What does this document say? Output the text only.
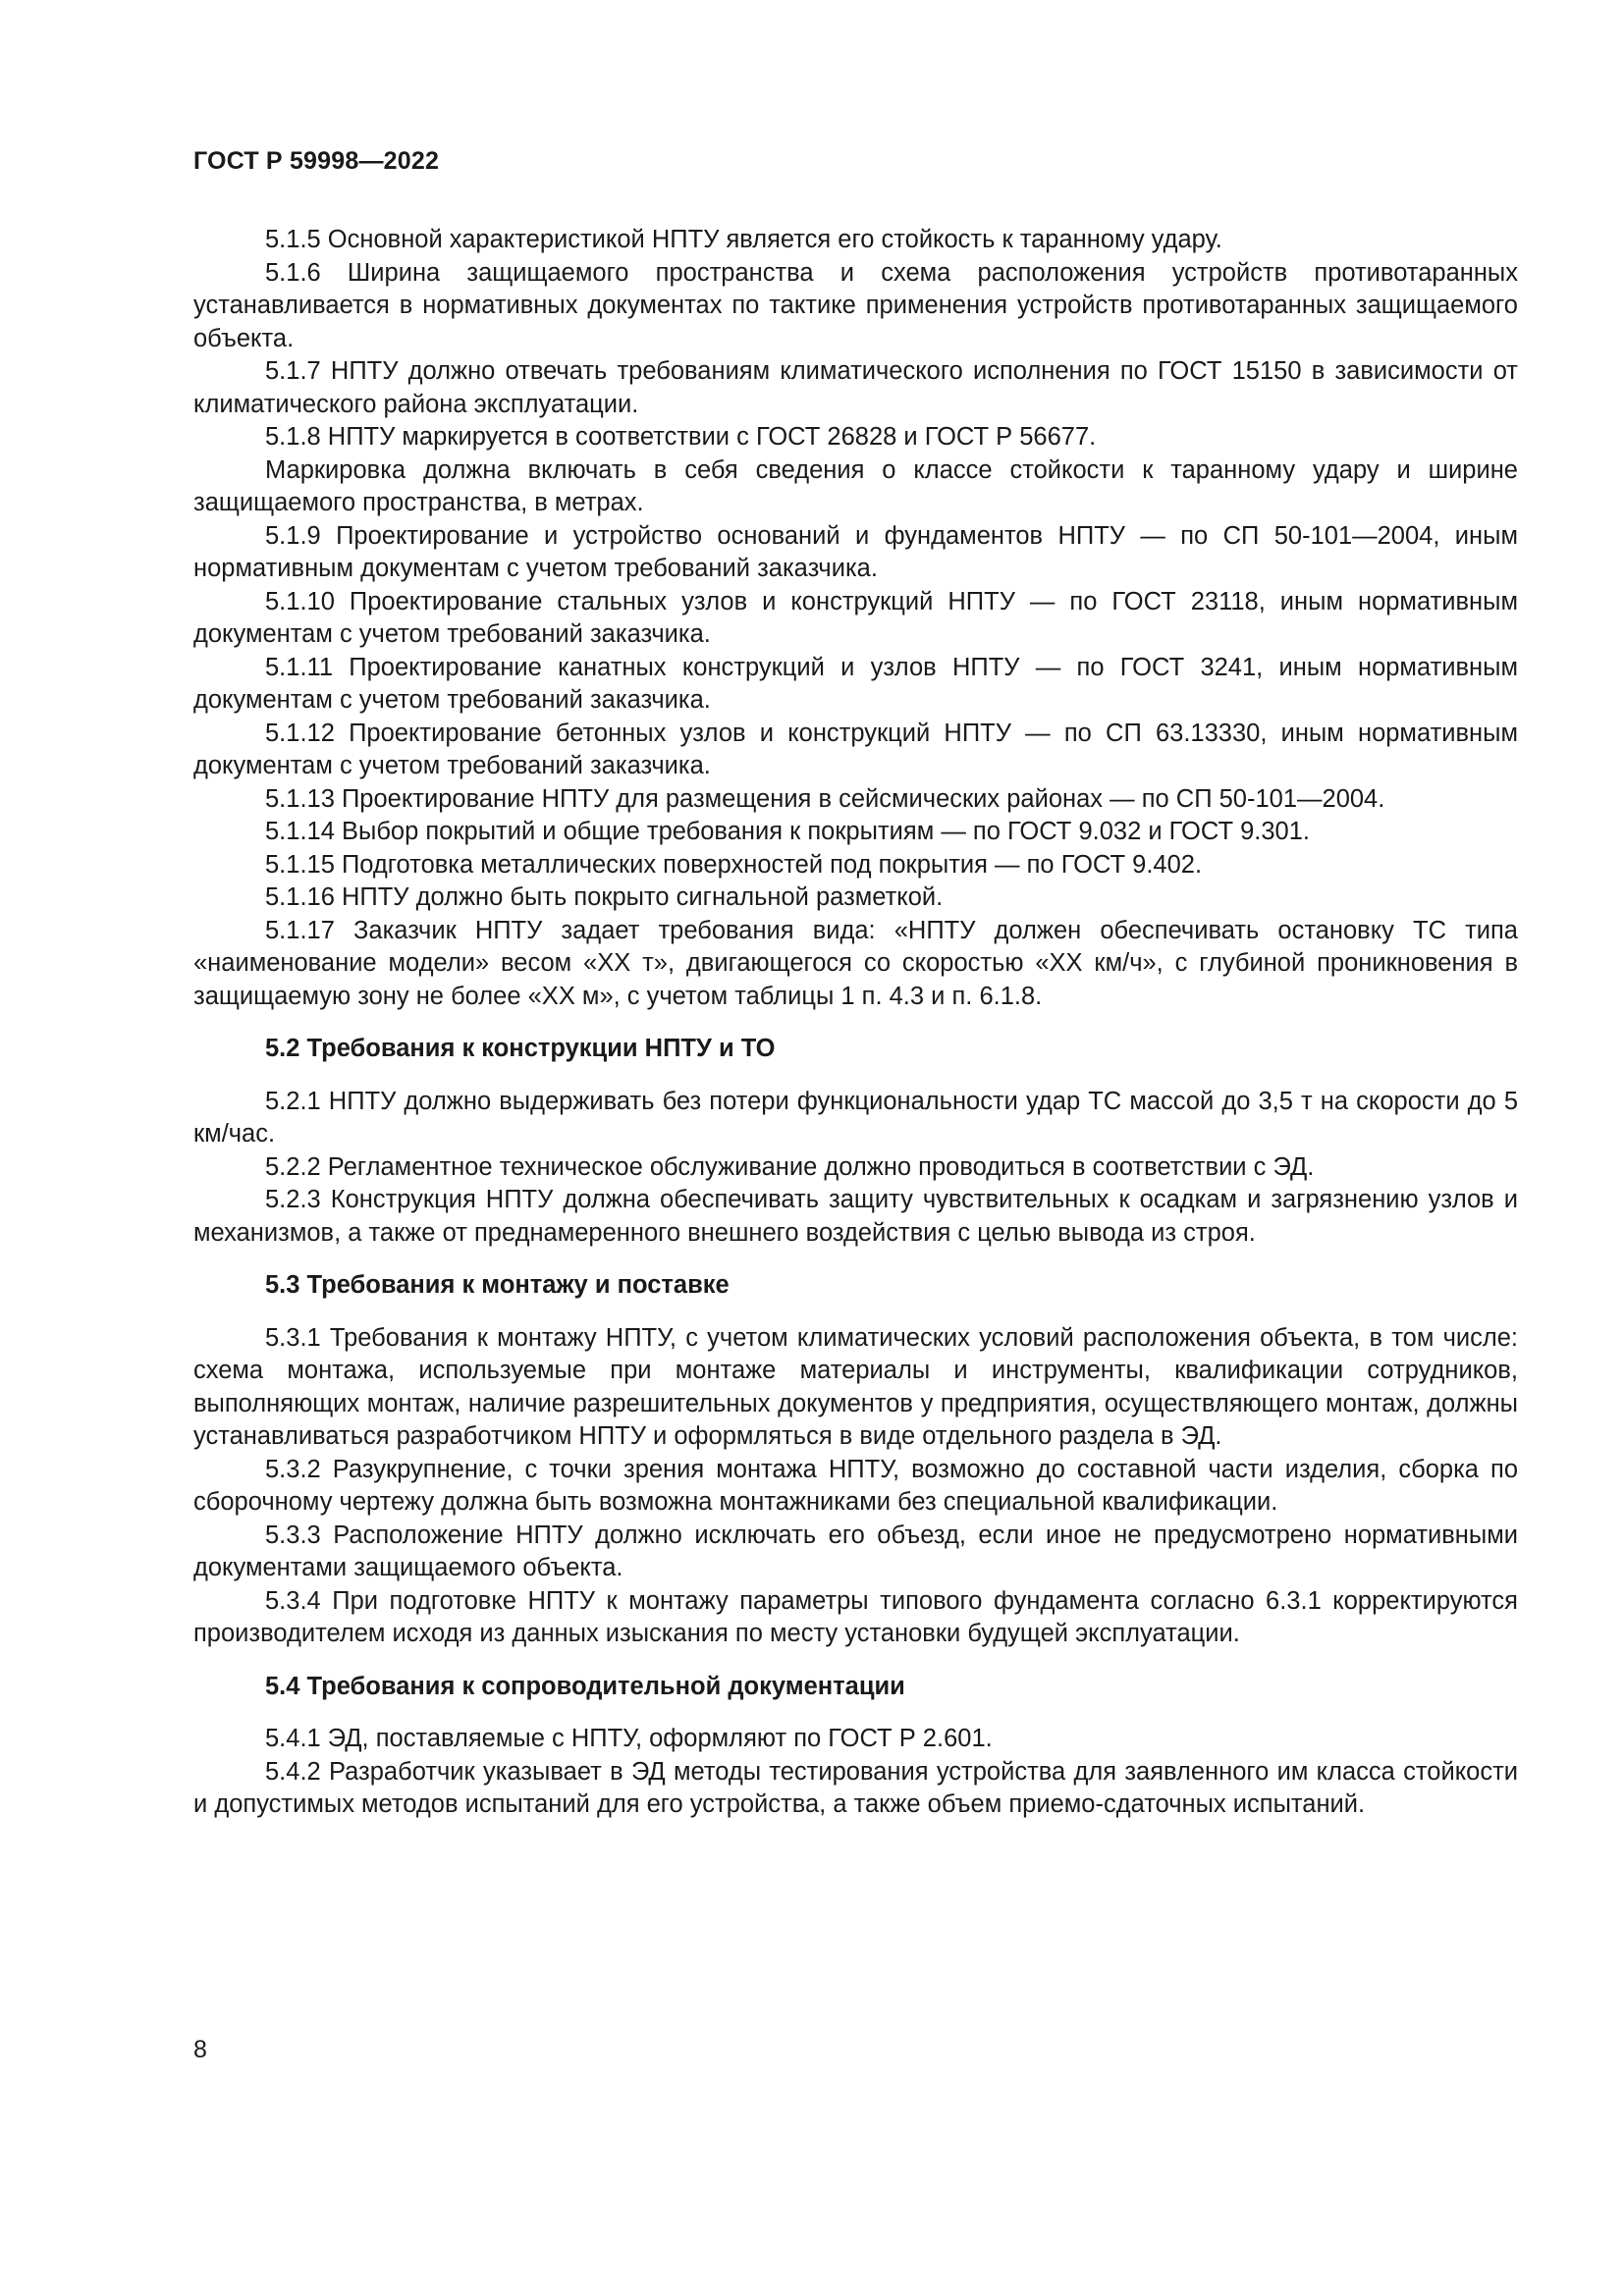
ГОСТ Р 59998—2022

5.1.5 Основной характеристикой НПТУ является его стойкость к таранному удару.

5.1.6 Ширина защищаемого пространства и схема расположения устройств противотаранных устанавливается в нормативных документах по тактике применения устройств противотаранных защищаемого объекта.

5.1.7 НПТУ должно отвечать требованиям климатического исполнения по ГОСТ 15150 в зависимости от климатического района эксплуатации.

5.1.8 НПТУ маркируется в соответствии с ГОСТ 26828 и ГОСТ Р 56677.

Маркировка должна включать в себя сведения о классе стойкости к таранному удару и ширине защищаемого пространства, в метрах.

5.1.9 Проектирование и устройство оснований и фундаментов НПТУ — по СП 50-101—2004, иным нормативным документам с учетом требований заказчика.

5.1.10 Проектирование стальных узлов и конструкций НПТУ — по ГОСТ 23118, иным нормативным документам с учетом требований заказчика.

5.1.11 Проектирование канатных конструкций и узлов НПТУ — по ГОСТ 3241, иным нормативным документам с учетом требований заказчика.

5.1.12 Проектирование бетонных узлов и конструкций НПТУ — по СП 63.13330, иным нормативным документам с учетом требований заказчика.

5.1.13 Проектирование НПТУ для размещения в сейсмических районах — по СП 50-101—2004.

5.1.14 Выбор покрытий и общие требования к покрытиям — по ГОСТ 9.032 и ГОСТ 9.301.

5.1.15 Подготовка металлических поверхностей под покрытия — по ГОСТ 9.402.

5.1.16 НПТУ должно быть покрыто сигнальной разметкой.

5.1.17 Заказчик НПТУ задает требования вида: «НПТУ должен обеспечивать остановку ТС типа «наименование модели» весом «ХХ т», двигающегося со скоростью «ХХ км/ч», с глубиной проникновения в защищаемую зону не более «ХХ м», с учетом таблицы 1 п. 4.3 и п. 6.1.8.

5.2 Требования к конструкции НПТУ и ТО

5.2.1 НПТУ должно выдерживать без потери функциональности удар ТС массой до 3,5 т на скорости до 5 км/час.

5.2.2 Регламентное техническое обслуживание должно проводиться в соответствии с ЭД.

5.2.3 Конструкция НПТУ должна обеспечивать защиту чувствительных к осадкам и загрязнению узлов и механизмов, а также от преднамеренного внешнего воздействия с целью вывода из строя.

5.3 Требования к монтажу и поставке

5.3.1 Требования к монтажу НПТУ, с учетом климатических условий расположения объекта, в том числе: схема монтажа, используемые при монтаже материалы и инструменты, квалификации сотрудников, выполняющих монтаж, наличие разрешительных документов у предприятия, осуществляющего монтаж, должны устанавливаться разработчиком НПТУ и оформляться в виде отдельного раздела в ЭД.

5.3.2 Разукрупнение, с точки зрения монтажа НПТУ, возможно до составной части изделия, сборка по сборочному чертежу должна быть возможна монтажниками без специальной квалификации.

5.3.3 Расположение НПТУ должно исключать его объезд, если иное не предусмотрено нормативными документами защищаемого объекта.

5.3.4 При подготовке НПТУ к монтажу параметры типового фундамента согласно 6.3.1 корректируются производителем исходя из данных изыскания по месту установки будущей эксплуатации.

5.4 Требования к сопроводительной документации

5.4.1 ЭД, поставляемые с НПТУ, оформляют по ГОСТ Р 2.601.

5.4.2 Разработчик указывает в ЭД методы тестирования устройства для заявленного им класса стойкости и допустимых методов испытаний для его устройства, а также объем приемо-сдаточных испытаний.

8
